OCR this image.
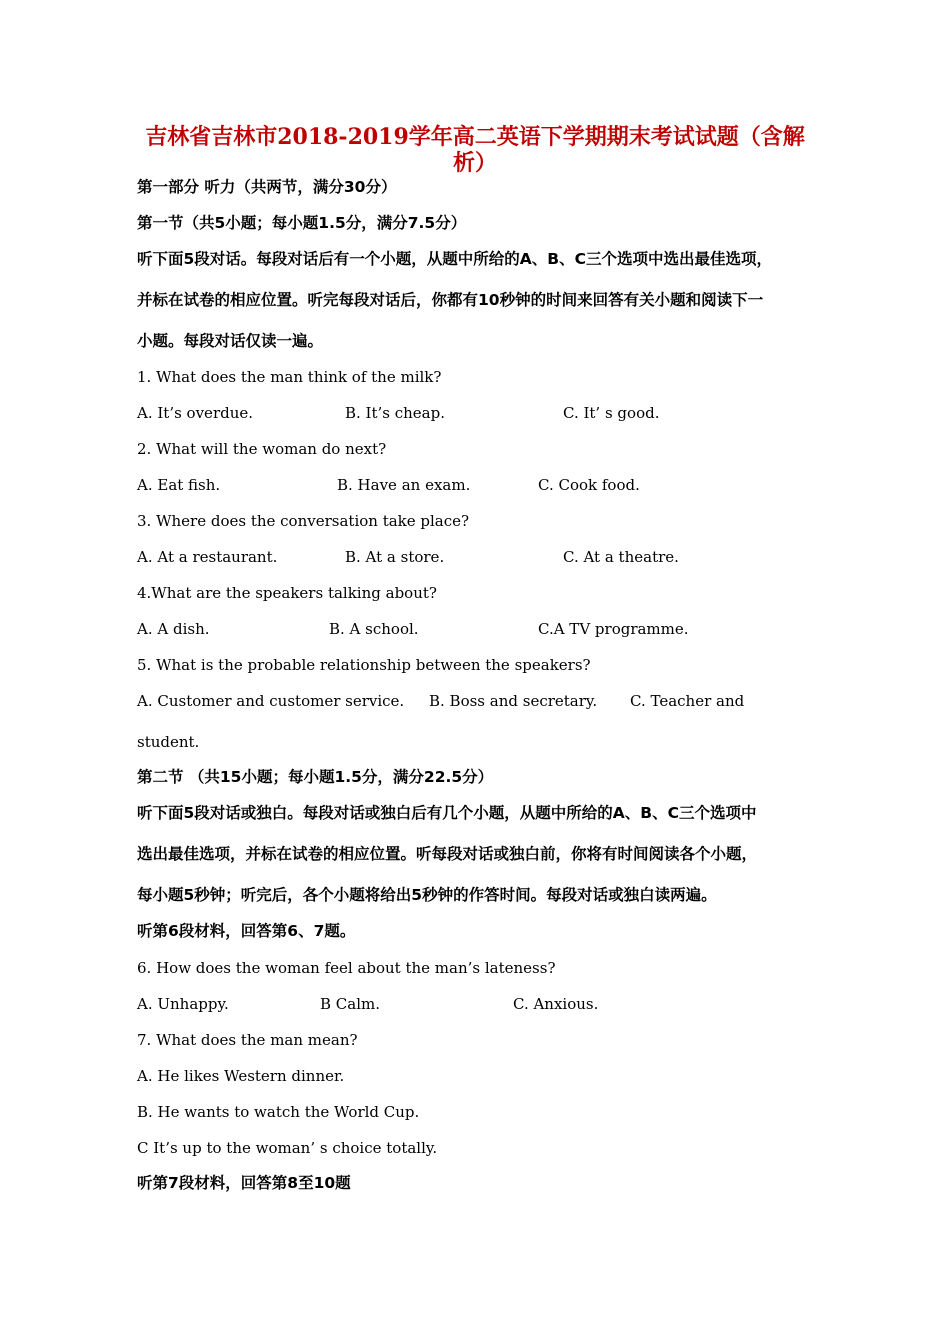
吉林省吉林市2018-2019学年高二英语下学期期末考试试题（含解
析）
第一部分 听力（共两节，满分30分）
第一节（共5小题；每小题1.5分，满分7.5分）
听下面5段对话。每段对话后有一个小题，从题中所给的A、B、C三个选项中选出最佳选项，
并标在试卷的相应位置。听完每段对话后，你都有10秒钟的时间来回答有关小题和阅读下一
小题。每段对话仅读一遍。
1. What does the man think of the milk?
A. It’s overdue.	B. It’s cheap.	C. It’ s good.
2. What will the woman do next?
A. Eat fish.	B. Have an exam.	C. Cook food.
3. Where does the conversation take place?
A. At a restaurant.	B. At a store.	C. At a theatre.
4.What are the speakers talking about?
A. A dish.	B. A school.	C.A TV programme.
5. What is the probable relationship between the speakers?
A. Customer and customer service. B. Boss and secretary. C. Teacher and
student.
第二节 （共15小题；每小题1.5分，满分22.5分）
听下面5段对话或独白。每段对话或独白后有几个小题，从题中所给的A、B、C三个选项中
选出最佳选项，并标在试卷的相应位置。听每段对话或独白前，你将有时间阅读各个小题，
每小题5秒钟；听完后，各个小题将给出5秒钟的作答时间。每段对话或独白读两遍。
听第6段材料，回答第6、7题。
6. How does the woman feel about the man’s lateness?
A. Unhappy.	B Calm.	C. Anxious.
7. What does the man mean?
A. He likes Western dinner.
B. He wants to watch the World Cup.
C It’s up to the woman’ s choice totally.
听第7段材料，回答第8至10题
